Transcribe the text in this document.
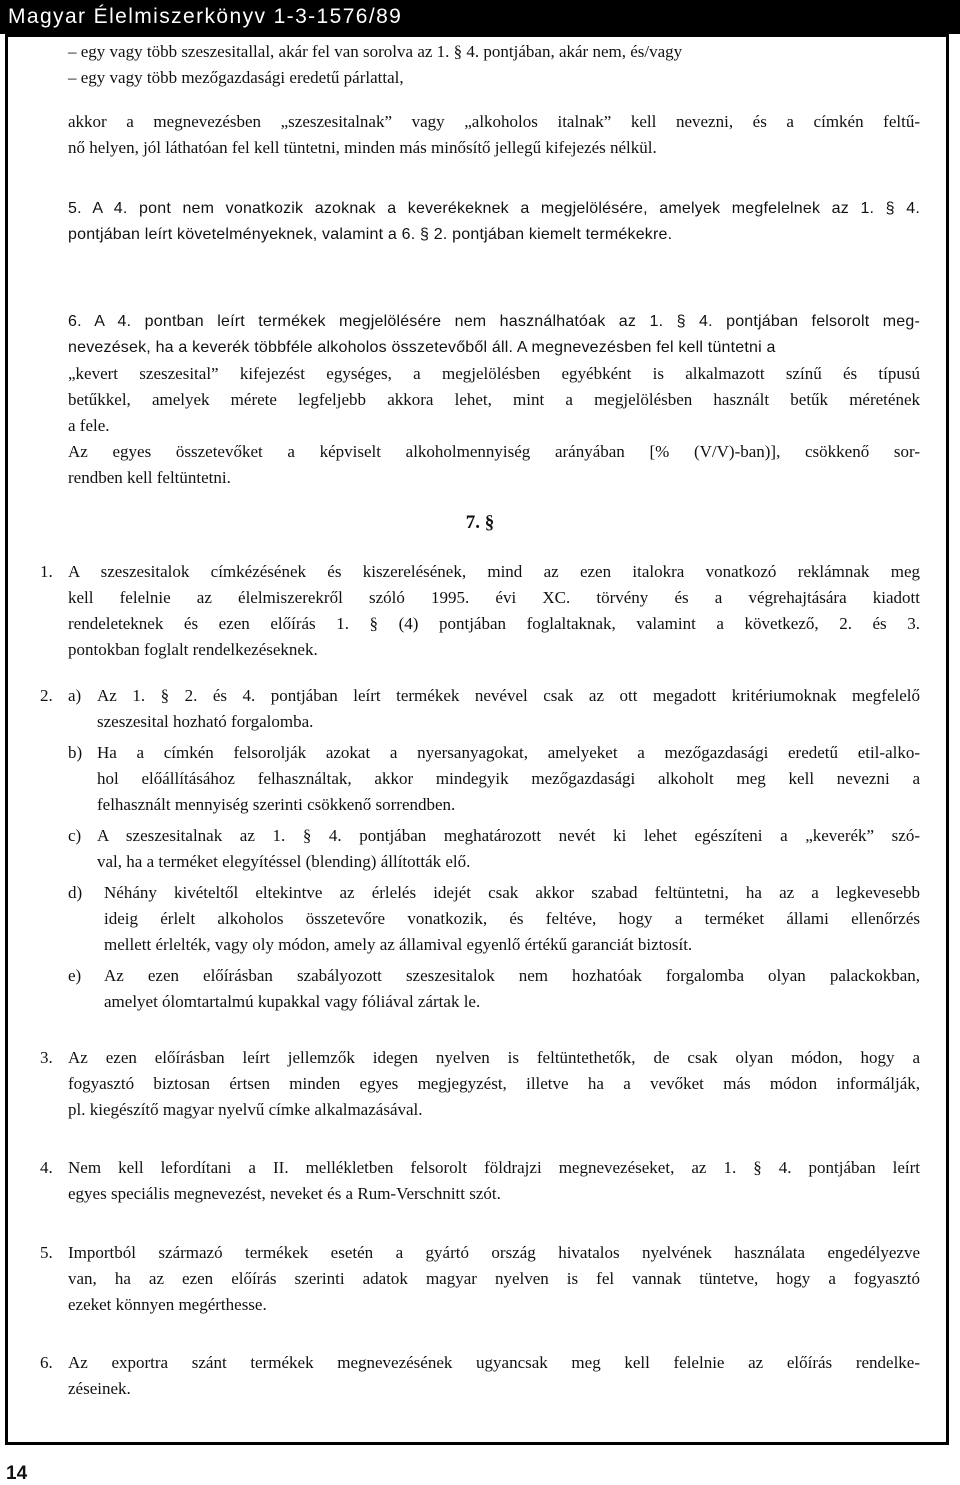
Magyar Élelmiszerkönyv 1-3-1576/89
– egy vagy több szeszesitallal, akár fel van sorolva az 1. § 4. pontjában, akár nem, és/vagy
– egy vagy több mezőgazdasági eredetű párlattal,
akkor a megnevezésben „szeszesitalnak” vagy „alkoholos italnak” kell nevezni, és a címkén feltű-
nő helyen, jól láthatóan fel kell tüntetni, minden más minősítő jellegű kifejezés nélkül.
5. A 4. pont nem vonatkozik azoknak a keverékeknek a megjelölésére, amelyek megfelelnek az 1. § 4.
pontjában leírt követelményeknek, valamint a 6. § 2. pontjában kiemelt termékekre.
6. A 4. pontban leírt termékek megjelölésére nem használhatóak az 1. § 4. pontjában felsorolt meg-
nevezések, ha a keverék többféle alkoholos összetevőből áll. A megnevezésben fel kell tüntetni a
„kevert szeszesital” kifejezést egységes, a megjelölésben egyébként is alkalmazott színű és típusú
betűkkel, amelyek mérete legfeljebb akkora lehet, mint a megjelölésben használt betűk méretének
a fele.
Az egyes összetevőket a képviselt alkoholmennyiség arányában [% (V/V)-ban)], csökkenő sor-
rendben kell feltüntetni.
7. §
1. A szeszesitalok címkézésének és kiszerelésének, mind az ezen italokra vonatkozó reklámnak meg
kell felelnie az élelmiszerekről szóló 1995. évi XC. törvény és a végrehajtására kiadott
rendeleteknek és ezen előírás 1. § (4) pontjában foglaltaknak, valamint a következő, 2. és 3.
pontokban foglalt rendelkezéseknek.
2. a) Az 1. § 2. és 4. pontjában leírt termékek nevével csak az ott megadott kritériumoknak megfelelő
szeszesital hozható forgalomba.
b) Ha a címkén felsorolják azokat a nyersanyagokat, amelyeket a mezőgazdasági eredetű etil-alko-
hol előállításához felhasználtak, akkor mindegyik mezőgazdasági alkoholt meg kell nevezni a
felhasznált mennyiség szerinti csökkenő sorrendben.
c) A szeszesitalnak az 1. § 4. pontjában meghatározott nevét ki lehet egészíteni a „keverék” szó-
val, ha a terméket elegyítéssel (blending) állították elő.
d) Néhány kivételtől eltekintve az érlelés idejét csak akkor szabad feltüntetni, ha az a legkevesebb
ideig érlelt alkoholos összetevőre vonatkozik, és feltéve, hogy a terméket állami ellenőrzés
mellett érlelték, vagy oly módon, amely az államival egyenlő értékű garanciát biztosít.
e) Az ezen előírásban szabályozott szeszesitalok nem hozhatóak forgalomba olyan palackokban,
amelyet ólomtartalmú kupakkal vagy fóliával zártak le.
3. Az ezen előírásban leírt jellemzők idegen nyelven is feltüntethetők, de csak olyan módon, hogy a
fogyasztó biztosan értsen minden egyes megjegyzést, illetve ha a vevőket más módon informálják,
pl. kiegészítő magyar nyelvű címke alkalmazásával.
4. Nem kell lefordítani a II. mellékletben felsorolt földrajzi megnevezéseket, az 1. § 4. pontjában leírt
egyes speciális megnevezést, neveket és a Rum-Verschnitt szót.
5. Importból származó termékek esetén a gyártó ország hivatalos nyelvének használata engedélyezve
van, ha az ezen előírás szerinti adatok magyar nyelven is fel vannak tüntetve, hogy a fogyasztó
ezeket könnyen megérthesse.
6. Az exportra szánt termékek megnevezésének ugyancsak meg kell felelnie az előírás rendelke-
zéseinek.
14
